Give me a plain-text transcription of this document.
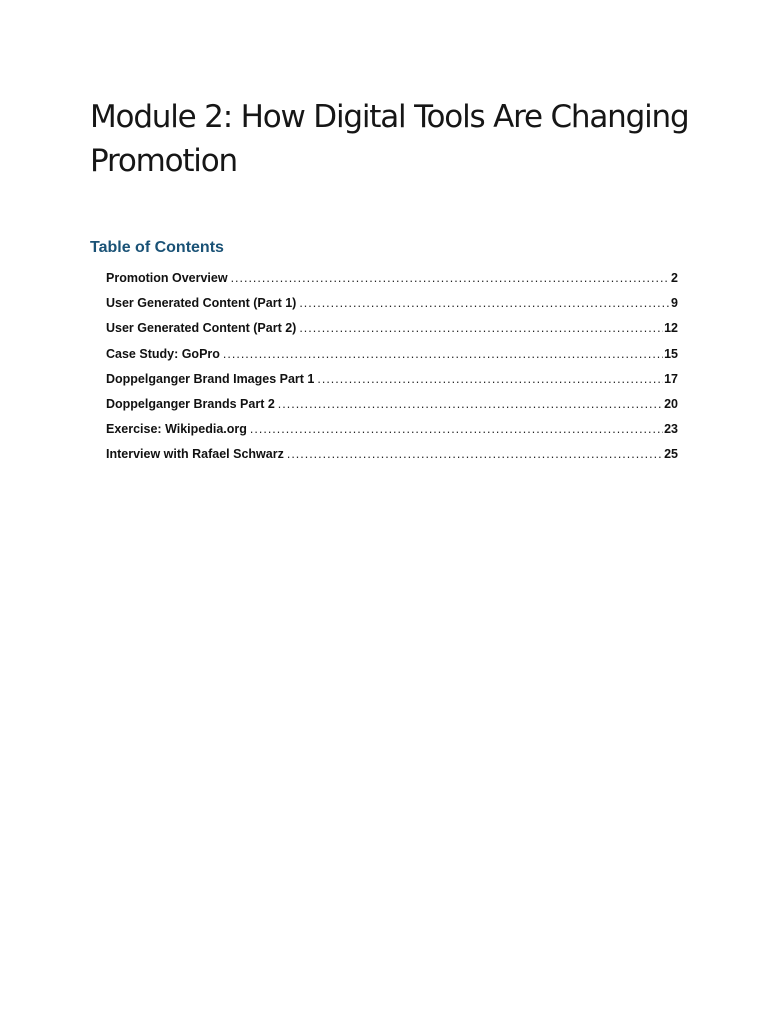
Module 2: How Digital Tools Are Changing Promotion
Table of Contents
Promotion Overview .....	2
User Generated Content (Part 1) .....	9
User Generated Content (Part 2) .....	12
Case Study: GoPro .....	15
Doppelganger Brand Images Part 1 .....	17
Doppelganger Brands Part 2 .....	20
Exercise: Wikipedia.org .....	23
Interview with Rafael Schwarz .....	25
